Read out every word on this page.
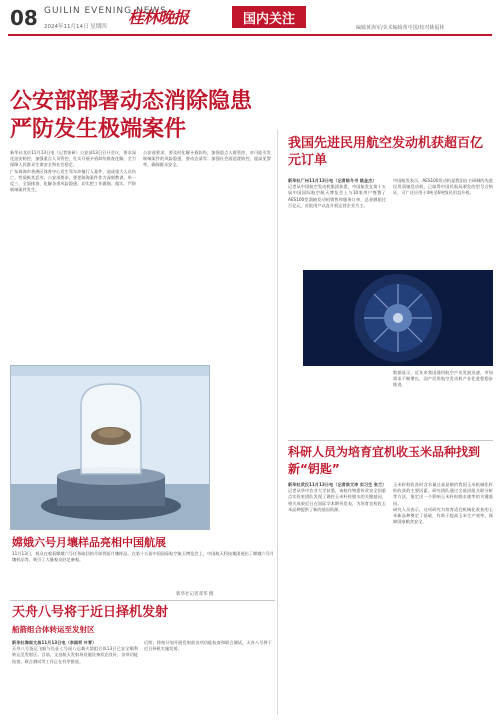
08 GUILIN EVENING NEWS
2024年11月14日 星期四 桂林晚报	国内关注
编辑黄海军/美术编辑黄中国/校对姚福林
公安部部署动态消除隐患
严防发生极端案件

新华社北京11月13日电（记者张研）公安部13日召开会议，要求深化治安防控，加强重点人员管控，扎实开展矛盾纠纷排查化解，全力保障人民群众生命安全和社会稳定。

广东珠海市香洲区体育中心发生驾车冲撞行人案件，造成重大人员伤亡，性质极其恶劣。公安部要求，要把珠海案件作为深刻教训，举一反三，全面排查、化解各类风险隐患，切实把工作做细、做实，严防极端案件发生。

公安部要求，要及时化解矛盾纠纷，加强重点人群管控，对可能引发极端案件的风险隐患，要动态清零；加强社会面巡逻防控，提高见警率，确保群众安全。

嫦娥六号月壤样品亮相中国航展

11月13日，观众在观看嫦娥六号任务取回的月球背面月壤样品。在第十五届中国国际航空航天博览会上，中国航天科技集团展出了嫦娥六号月壤样品等，吸引了大量观众驻足参观。

新华社记者邓华 摄
天舟八号将于近日择机发射
船箭组合体转运至发射区

新华社海南文昌11月13日电（李国利 叶青）

天舟八号货运飞船与长征七号遥八运载火箭组合体13日已安全顺利转运至发射区。目前，文昌航天发射场设施设备状态良好，各项功能检查、联合测试等工作正在有序推进。

后续，将按计划开展发射前各项功能检查和联合测试，天舟八号将于近日择机实施发射。

我国先进民用航空发动机获超百亿元订单

新华社广州11月13日电（记者陈冬书 姚金杰）

记者从中国航空发动机集团获悉，中国航发在第十五届中国国际航空航天博览会上与10家用户签署了AES100型涡轴发动机销售和服务订单，总金额超过百亿元，首批用户以直升机运营企业为主。

中国航发表示，AES100发动机是我国自主研制的先进民用涡轴发动机，已取得中国民航局颁发的型号合格证，可广泛应用于4吨至6吨级民用直升机。

数据显示，近年来我国通用航空产业发展迅速，市场需求不断增长，国产民用航空发动机产业化进程稳步推进。

科研人员为培育宜机收玉米品种找到新“钥匙”

新华社武汉11月13日电（记者侯文坤 实习生 张兰）

记者从华中农业大学获悉，该校作物遗传改良全国重点实验室团队发现了调控玉米籽粒脱水的关键基因，相关成果近日在国际学术期刊发表，为培育宜机收玉米品种提供了新的基因资源。

玉米籽粒收获时含水量过高是制约我国玉米机械化籽粒收获的主要因素。研究团队通过全基因组关联分析等方法，鉴定出一个影响玉米籽粒脱水速率的关键基因。

研究人员表示，这项研究为培育适宜机械化收获的玉米新品种奠定了基础，有助于提高玉米生产效率，保障国家粮食安全。
